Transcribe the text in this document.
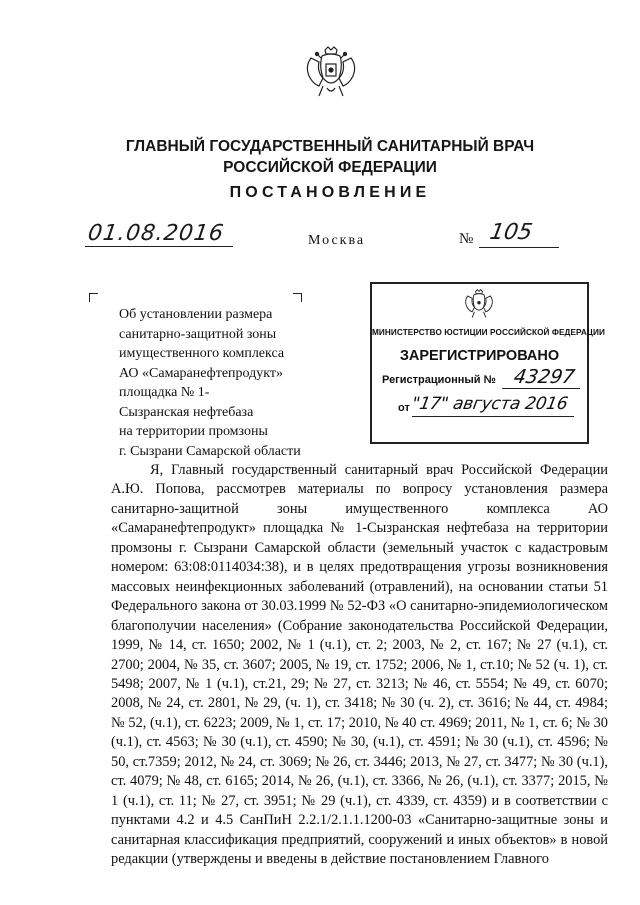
ГЛАВНЫЙ ГОСУДАРСТВЕННЫЙ САНИТАРНЫЙ ВРАЧ
РОССИЙСКОЙ ФЕДЕРАЦИИ
ПОСТАНОВЛЕНИЕ
01.08.2016	Москва	№ 105
Об установлении размера
санитарно-защитной зоны
имущественного комплекса
АО «Самаранефтепродукт»
площадка № 1-
Сызранская нефтебаза
на территории промзоны
г. Сызрани Самарской области
МИНИСТЕРСТВО ЮСТИЦИИ РОССИЙСКОЙ ФЕДЕРАЦИИ
ЗАРЕГИСТРИРОВАНО
Регистрационный № 43297
от "17" августа 2016
Я, Главный государственный санитарный врач Российской Федерации А.Ю. Попова, рассмотрев материалы по вопросу установления размера санитарно-защитной зоны имущественного комплекса АО «Самаранефтепродукт» площадка № 1-Сызранская нефтебаза на территории промзоны г. Сызрани Самарской области (земельный участок с кадастровым номером: 63:08:0114034:38), и в целях предотвращения угрозы возникновения массовых неинфекционных заболеваний (отравлений), на основании статьи 51 Федерального закона от 30.03.1999 № 52-ФЗ «О санитарно-эпидемиологическом благополучии населения» (Собрание законодательства Российской Федерации, 1999, № 14, ст. 1650; 2002, № 1 (ч.1), ст. 2; 2003, № 2, ст. 167; № 27 (ч.1), ст. 2700; 2004, № 35, ст. 3607; 2005, № 19, ст. 1752; 2006, № 1, ст.10; № 52 (ч. 1), ст. 5498; 2007, № 1 (ч.1), ст.21, 29; № 27, ст. 3213; № 46, ст. 5554; № 49, ст. 6070; 2008, № 24, ст. 2801, № 29, (ч. 1), ст. 3418; № 30 (ч. 2), ст. 3616; № 44, ст. 4984; № 52, (ч.1), ст. 6223; 2009, № 1, ст. 17; 2010, № 40 ст. 4969; 2011, № 1, ст. 6; № 30 (ч.1), ст. 4563; № 30 (ч.1), ст. 4590; № 30, (ч.1), ст. 4591; № 30 (ч.1), ст. 4596; № 50, ст.7359; 2012, № 24, ст. 3069; № 26, ст. 3446; 2013, № 27, ст. 3477; № 30 (ч.1), ст. 4079; № 48, ст. 6165; 2014, № 26, (ч.1), ст. 3366, № 26, (ч.1), ст. 3377; 2015, № 1 (ч.1), ст. 11; № 27, ст. 3951; № 29 (ч.1), ст. 4339, ст. 4359) и в соответствии с пунктами 4.2 и 4.5 СанПиН 2.2.1/2.1.1.1200-03 «Санитарно-защитные зоны и санитарная классификация предприятий, сооружений и иных объектов» в новой редакции (утверждены и введены в действие постановлением Главного
